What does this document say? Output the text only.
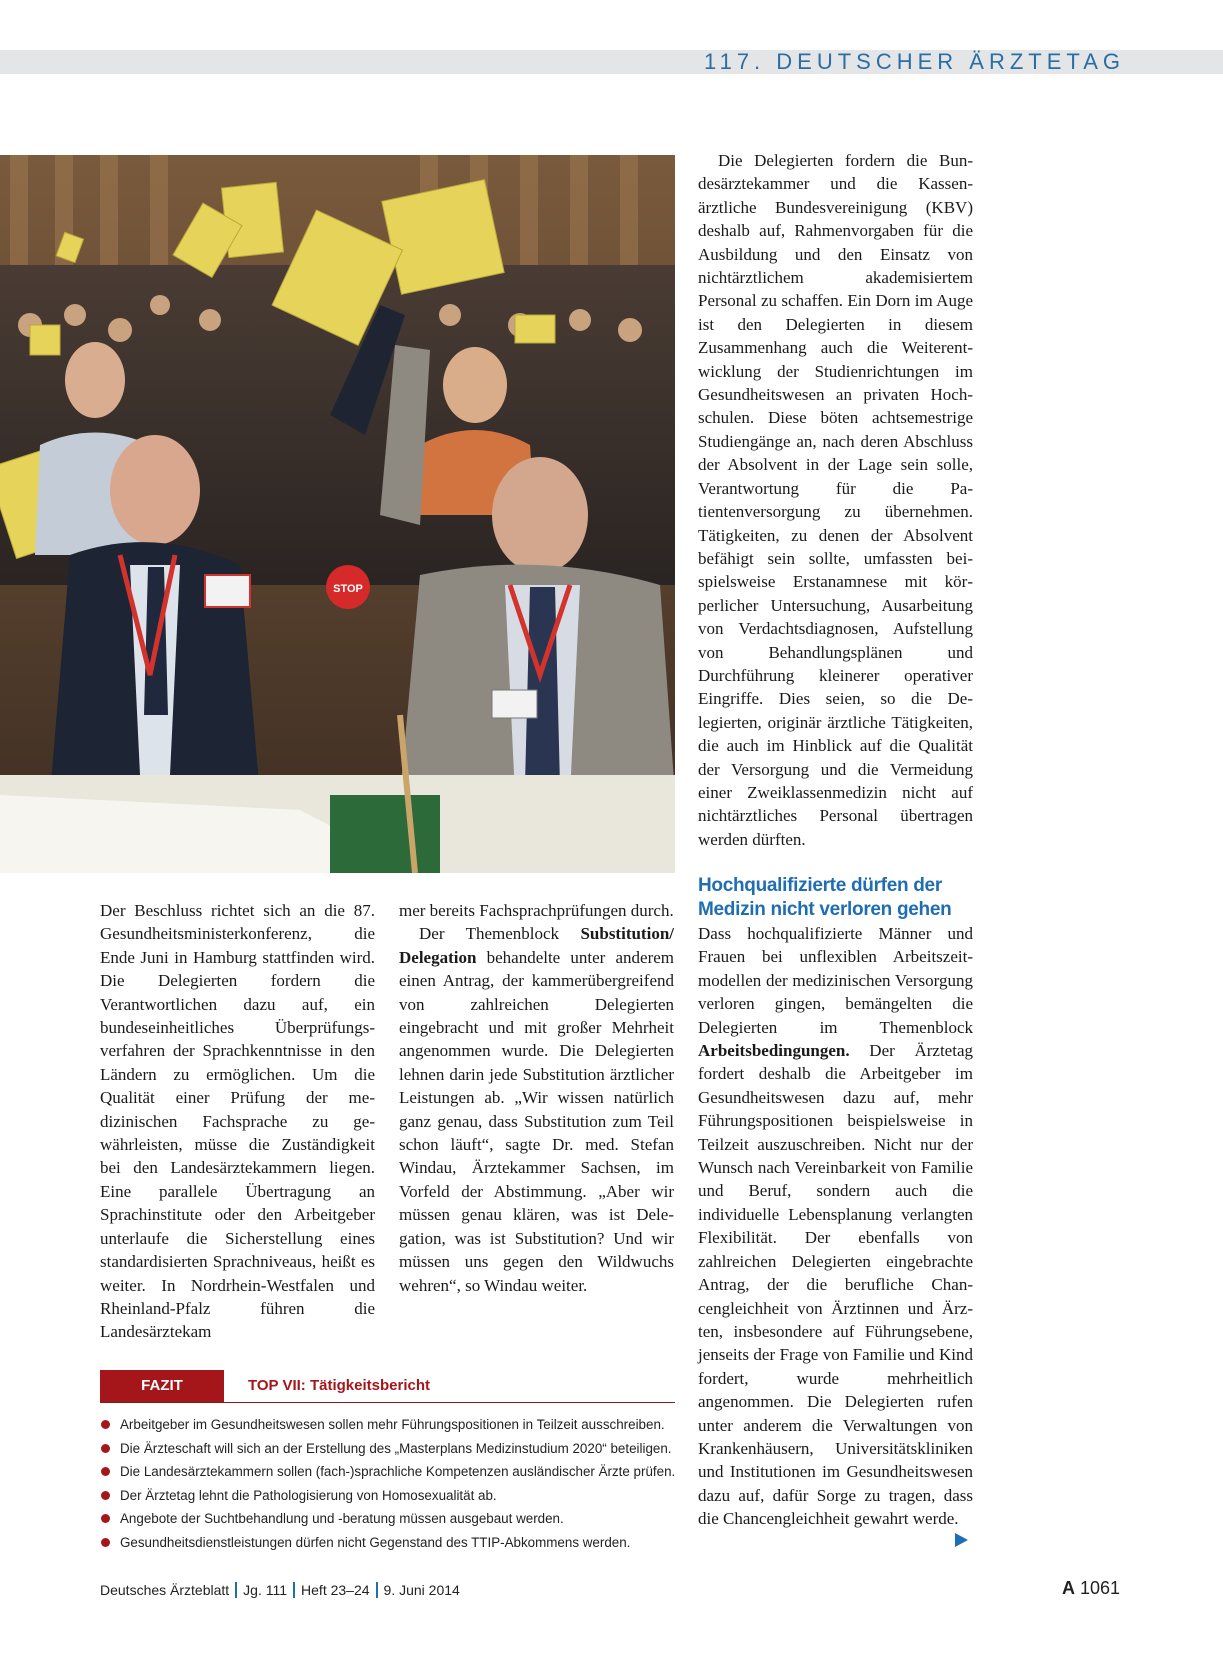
117. DEUTSCHER ÄRZTETAG
STOP

Der Beschluss richtet sich an die 87. Gesundheitsministerkonferenz, die Ende Juni in Hamburg stattfinden wird. Die Delegierten fordern die Verantwortlichen dazu auf, ein bundeseinheitliches Überprüfungsverfahren der Sprachkenntnisse in den Ländern zu ermöglichen. Um die Qualität einer Prüfung der medizinischen Fachsprache zu gewährleisten, müsse die Zuständigkeit bei den Landesärztekammern liegen. Eine parallele Übertragung an Sprachinstitute oder den Arbeitgeber unterlaufe die Sicherstellung eines standardisierten Sprachniveaus, heißt es weiter. In Nordrhein-Westfalen und Rheinland-Pfalz führen die Landesärztekam

mer bereits Fachsprachprüfungen durch.

Der Themenblock Substitution/ Delegation behandelte unter anderem einen Antrag, der kammerübergreifend von zahlreichen Delegierten eingebracht und mit großer Mehrheit angenommen wurde. Die Delegierten lehnen darin jede Substitution ärztlicher Leistungen ab. „Wir wissen natürlich ganz genau, dass Substitution zum Teil schon läuft“, sagte Dr. med. Stefan Windau, Ärztekammer Sachsen, im Vorfeld der Abstimmung. „Aber wir müssen genau klären, was ist Delegation, was ist Substitution? Und wir müssen uns gegen den Wildwuchs wehren“, so Windau weiter.

Die Delegierten fordern die Bundesärztekammer und die Kassenärztliche Bundesvereinigung (KBV) deshalb auf, Rahmenvorgaben für die Ausbildung und den Einsatz von nichtärztlichem akademisiertem Personal zu schaffen. Ein Dorn im Auge ist den Delegierten in diesem Zusammenhang auch die Weiterentwicklung der Studienrichtungen im Gesundheitswesen an privaten Hochschulen. Diese böten achtsemestrige Studiengänge an, nach deren Abschluss der Absolvent in der Lage sein solle, Verantwortung für die Patientenversorgung zu übernehmen. Tätigkeiten, zu denen der Absolvent befähigt sein sollte, umfassten beispielsweise Erstanamnese mit körperlicher Untersuchung, Ausarbeitung von Verdachtsdiagnosen, Aufstellung von Behandlungsplänen und Durchführung kleinerer operativer Eingriffe. Dies seien, so die Delegierten, originär ärztliche Tätigkeiten, die auch im Hinblick auf die Qualität der Versorgung und die Vermeidung einer Zweiklassenmedizin nicht auf nichtärztliches Personal übertragen werden dürften.

Hochqualifizierte dürfen der Medizin nicht verloren gehen

Dass hochqualifizierte Männer und Frauen bei unflexiblen Arbeitszeitmodellen der medizinischen Versorgung verloren gingen, bemängelten die Delegierten im Themenblock Arbeitsbedingungen. Der Ärztetag fordert deshalb die Arbeitgeber im Gesundheitswesen dazu auf, mehr Führungspositionen beispielsweise in Teilzeit auszuschreiben. Nicht nur der Wunsch nach Vereinbarkeit von Familie und Beruf, sondern auch die individuelle Lebensplanung verlangten Flexibilität. Der ebenfalls von zahlreichen Delegierten eingebrachte Antrag, der die berufliche Chancengleichheit von Ärztinnen und Ärzten, insbesondere auf Führungsebene, jenseits der Frage von Familie und Kind fordert, wurde mehrheitlich angenommen. Die Delegierten rufen unter anderem die Verwaltungen von Krankenhäusern, Universitätskliniken und Institutionen im Gesundheitswesen dazu auf, dafür Sorge zu tragen, dass die Chancengleichheit gewahrt werde.

FAZIT	TOP VII: Tätigkeitsbericht
Arbeitgeber im Gesundheitswesen sollen mehr Führungspositionen in Teilzeit ausschreiben.
Die Ärzteschaft will sich an der Erstellung des „Masterplans Medizinstudium 2020“ beteiligen.
Die Landesärztekammern sollen (fach-)sprachliche Kompetenzen ausländischer Ärzte prüfen.
Der Ärztetag lehnt die Pathologisierung von Homosexualität ab.
Angebote der Suchtbehandlung und -beratung müssen ausgebaut werden.
Gesundheitsdienstleistungen dürfen nicht Gegenstand des TTIP-Abkommens werden.
Deutsches Ärzteblatt Jg. 111 Heft 23–24 9. Juni 2014	A 1061
